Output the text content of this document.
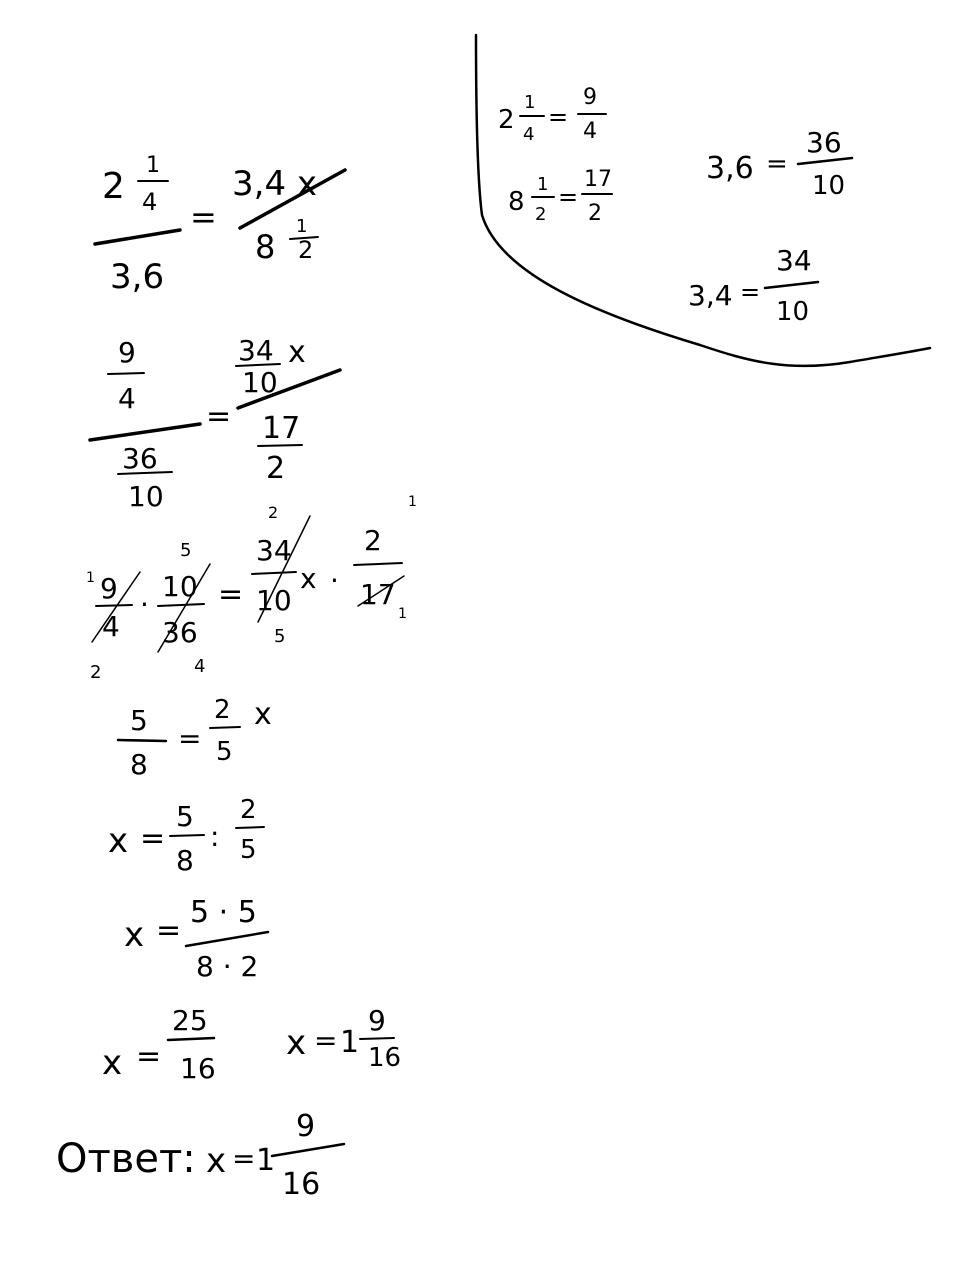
2
1
4
=
9
4
8
1
2
=
17
2
3,6 =
36
10
3,4 =
34
10
2
1
4
3,6
=
3,4 x
8
1
2
9
4
36
10
=
34
10
x
17
2
1 9
4
2
·
5
10
36
4
=
2
34
10
5
x ·
1
2
17
1
5
8
=
2
5
x
x =
5
8
:
2
5
x =
5 · 5
8 · 2
x =
25
16
x = 1
9
16
Ответ: x = 1
9
16
